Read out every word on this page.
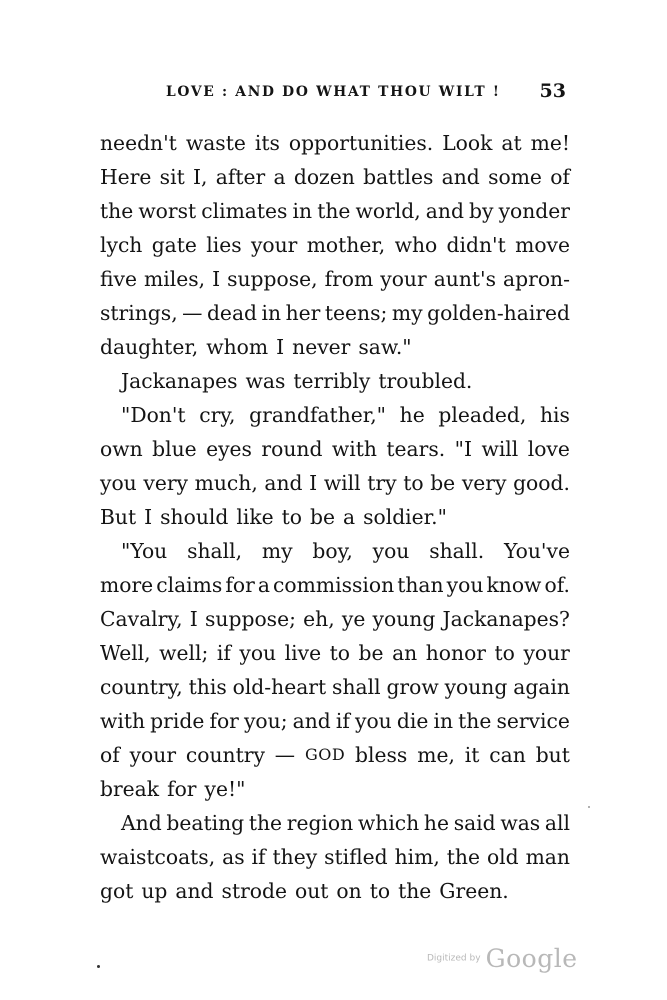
LOVE : AND DO WHAT THOU WILT ! 53
needn't waste its opportunities. Look at me!
Here sit I, after a dozen battles and some of
the worst climates in the world, and by yonder
lych gate lies your mother, who didn't move
five miles, I suppose, from your aunt's apron-
strings, — dead in her teens; my golden-haired
daughter, whom I never saw."
Jackanapes was terribly troubled.
"Don't cry, grandfather," he pleaded, his
own blue eyes round with tears. "I will love
you very much, and I will try to be very good.
But I should like to be a soldier."
"You shall, my boy, you shall. You've
more claims for a commission than you know of.
Cavalry, I suppose; eh, ye young Jackanapes?
Well, well; if you live to be an honor to your
country, this old-heart shall grow young again
with pride for you; and if you die in the service
of your country — GOD bless me, it can but
break for ye!"
And beating the region which he said was all
waistcoats, as if they stifled him, the old man
got up and strode out on to the Green.
Digitized by Google
